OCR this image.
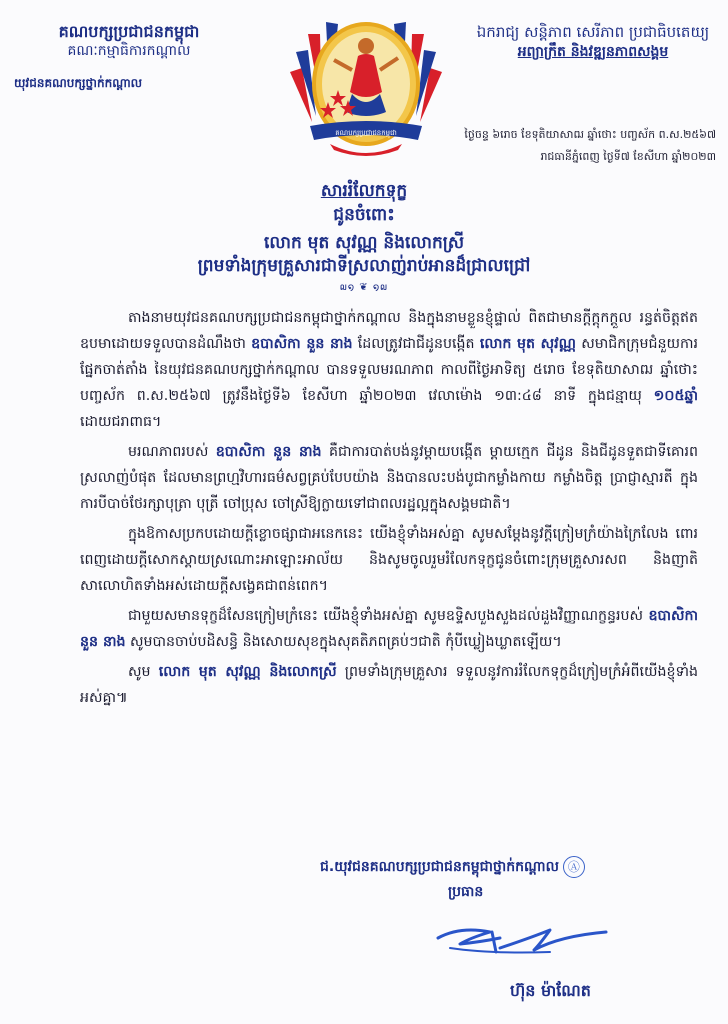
គណបក្សប្រជាជនកម្ពុជា
គណៈកម្មាធិការកណ្តាល
យុវជនគណបក្សថ្នាក់កណ្តាល
គណបក្សប្រជាជនកម្ពុជា
ឯករាជ្យ សន្តិភាព សេរីភាព ប្រជាធិបតេយ្យ
អព្យាក្រឹត និងវឌ្ឍនភាពសង្គម
ថ្ងៃចន្ទ ៦រោច ខែទុតិយាសាឍ ឆ្នាំថោះ បញ្ចស័ក ព.ស.២៥៦៧
រាជធានីភ្នំពេញ ថ្ងៃទី៧ ខែសីហា ឆ្នាំ២០២៣
សាររំលែកទុក្ខ
ជូនចំពោះ
លោក មុត សុវណ្ណ និងលោកស្រី
ព្រមទាំងក្រុមគ្រួសារជាទីស្រលាញ់រាប់អានដ៏ជ្រាលជ្រៅ
໙໑ ❦ ໑໙

តាងនាមយុវជនគណបក្សប្រជាជនកម្ពុជាថ្នាក់កណ្តាល និងក្នុងនាមខ្លួនខ្ញុំផ្ទាល់ ពិតជាមានក្តីក្តុកក្តួល រន្ធត់ចិត្តឥតឧបមាដោយទទួលបានដំណឹងថា ឧបាសិកា នួន នាង ដែលត្រូវជាជីដូនបង្កើត លោក មុត សុវណ្ណ សមាជិកក្រុមជំនួយការផ្នែកចាត់តាំង នៃយុវជនគណបក្សថ្នាក់កណ្តាល បានទទួលមរណភាព កាលពីថ្ងៃអាទិត្យ ៥រោច ខែទុតិយាសាឍ ឆ្នាំថោះ បញ្ចស័ក ព.ស.២៥៦៧ ត្រូវនឹងថ្ងៃទី៦ ខែសីហា ឆ្នាំ២០២៣ វេលាម៉ោង ១៣:៤៨ នាទី ក្នុងជន្មាយុ ១០៥ឆ្នាំ ដោយជរាពាធ។

មរណភាពរបស់ ឧបាសិកា នួន នាង គឺជាការបាត់បង់នូវម្តាយបង្កើត ម្តាយក្មេក ជីដូន និងជីដូនទួតជាទីគោរពស្រលាញ់បំផុត ដែលមានព្រហ្មវិហារធម៌សព្វគ្រប់បែបយ៉ាង និងបានលះបង់បូជាកម្លាំងកាយ កម្លាំងចិត្ត ប្រាជ្ញាស្មារតី ក្នុងការបីបាច់ថែរក្សាបុត្រា បុត្រី ចៅប្រុស ចៅស្រីឱ្យក្លាយទៅជាពលរដ្ឋល្អក្នុងសង្គមជាតិ។

ក្នុងឱកាសប្រកបដោយក្តីខ្លោចផ្សាជាអនេកនេះ យើងខ្ញុំទាំងអស់គ្នា សូមសម្តែងនូវក្តីក្រៀមក្រំយ៉ាងក្រៃលែង ពោរពេញដោយក្តីសោកស្តាយស្រណោះអាឡោះអាល័យ និងសូមចូលរួមរំលែកទុក្ខជូនចំពោះក្រុមគ្រួសារសព និងញាតិសាលោហិតទាំងអស់ដោយក្តីសង្វេគជាពន់ពេក។

ជាមួយសមានទុក្ខដ៏សែនក្រៀមក្រំនេះ យើងខ្ញុំទាំងអស់គ្នា សូមឧទ្ទិសបួងសួងដល់ដួងវិញ្ញាណក្ខន្ធរបស់ ឧបាសិកា នួន នាង សូមបានចាប់បដិសន្ធិ និងសោយសុខក្នុងសុគតិភពគ្រប់ៗជាតិ កុំបីឃ្លៀងឃ្លាតឡើយ។

សូម លោក មុត សុវណ្ណ និងលោកស្រី ព្រមទាំងក្រុមគ្រួសារ ទទួលនូវការរំលែកទុក្ខដ៏ក្រៀមក្រំអំពីយើងខ្ញុំទាំងអស់គ្នា៕

ជ.យុវជនគណបក្សប្រជាជនកម្ពុជាថ្នាក់កណ្តាល Ⓐ
ប្រធាន
ហ៊ុន ម៉ាណែត
